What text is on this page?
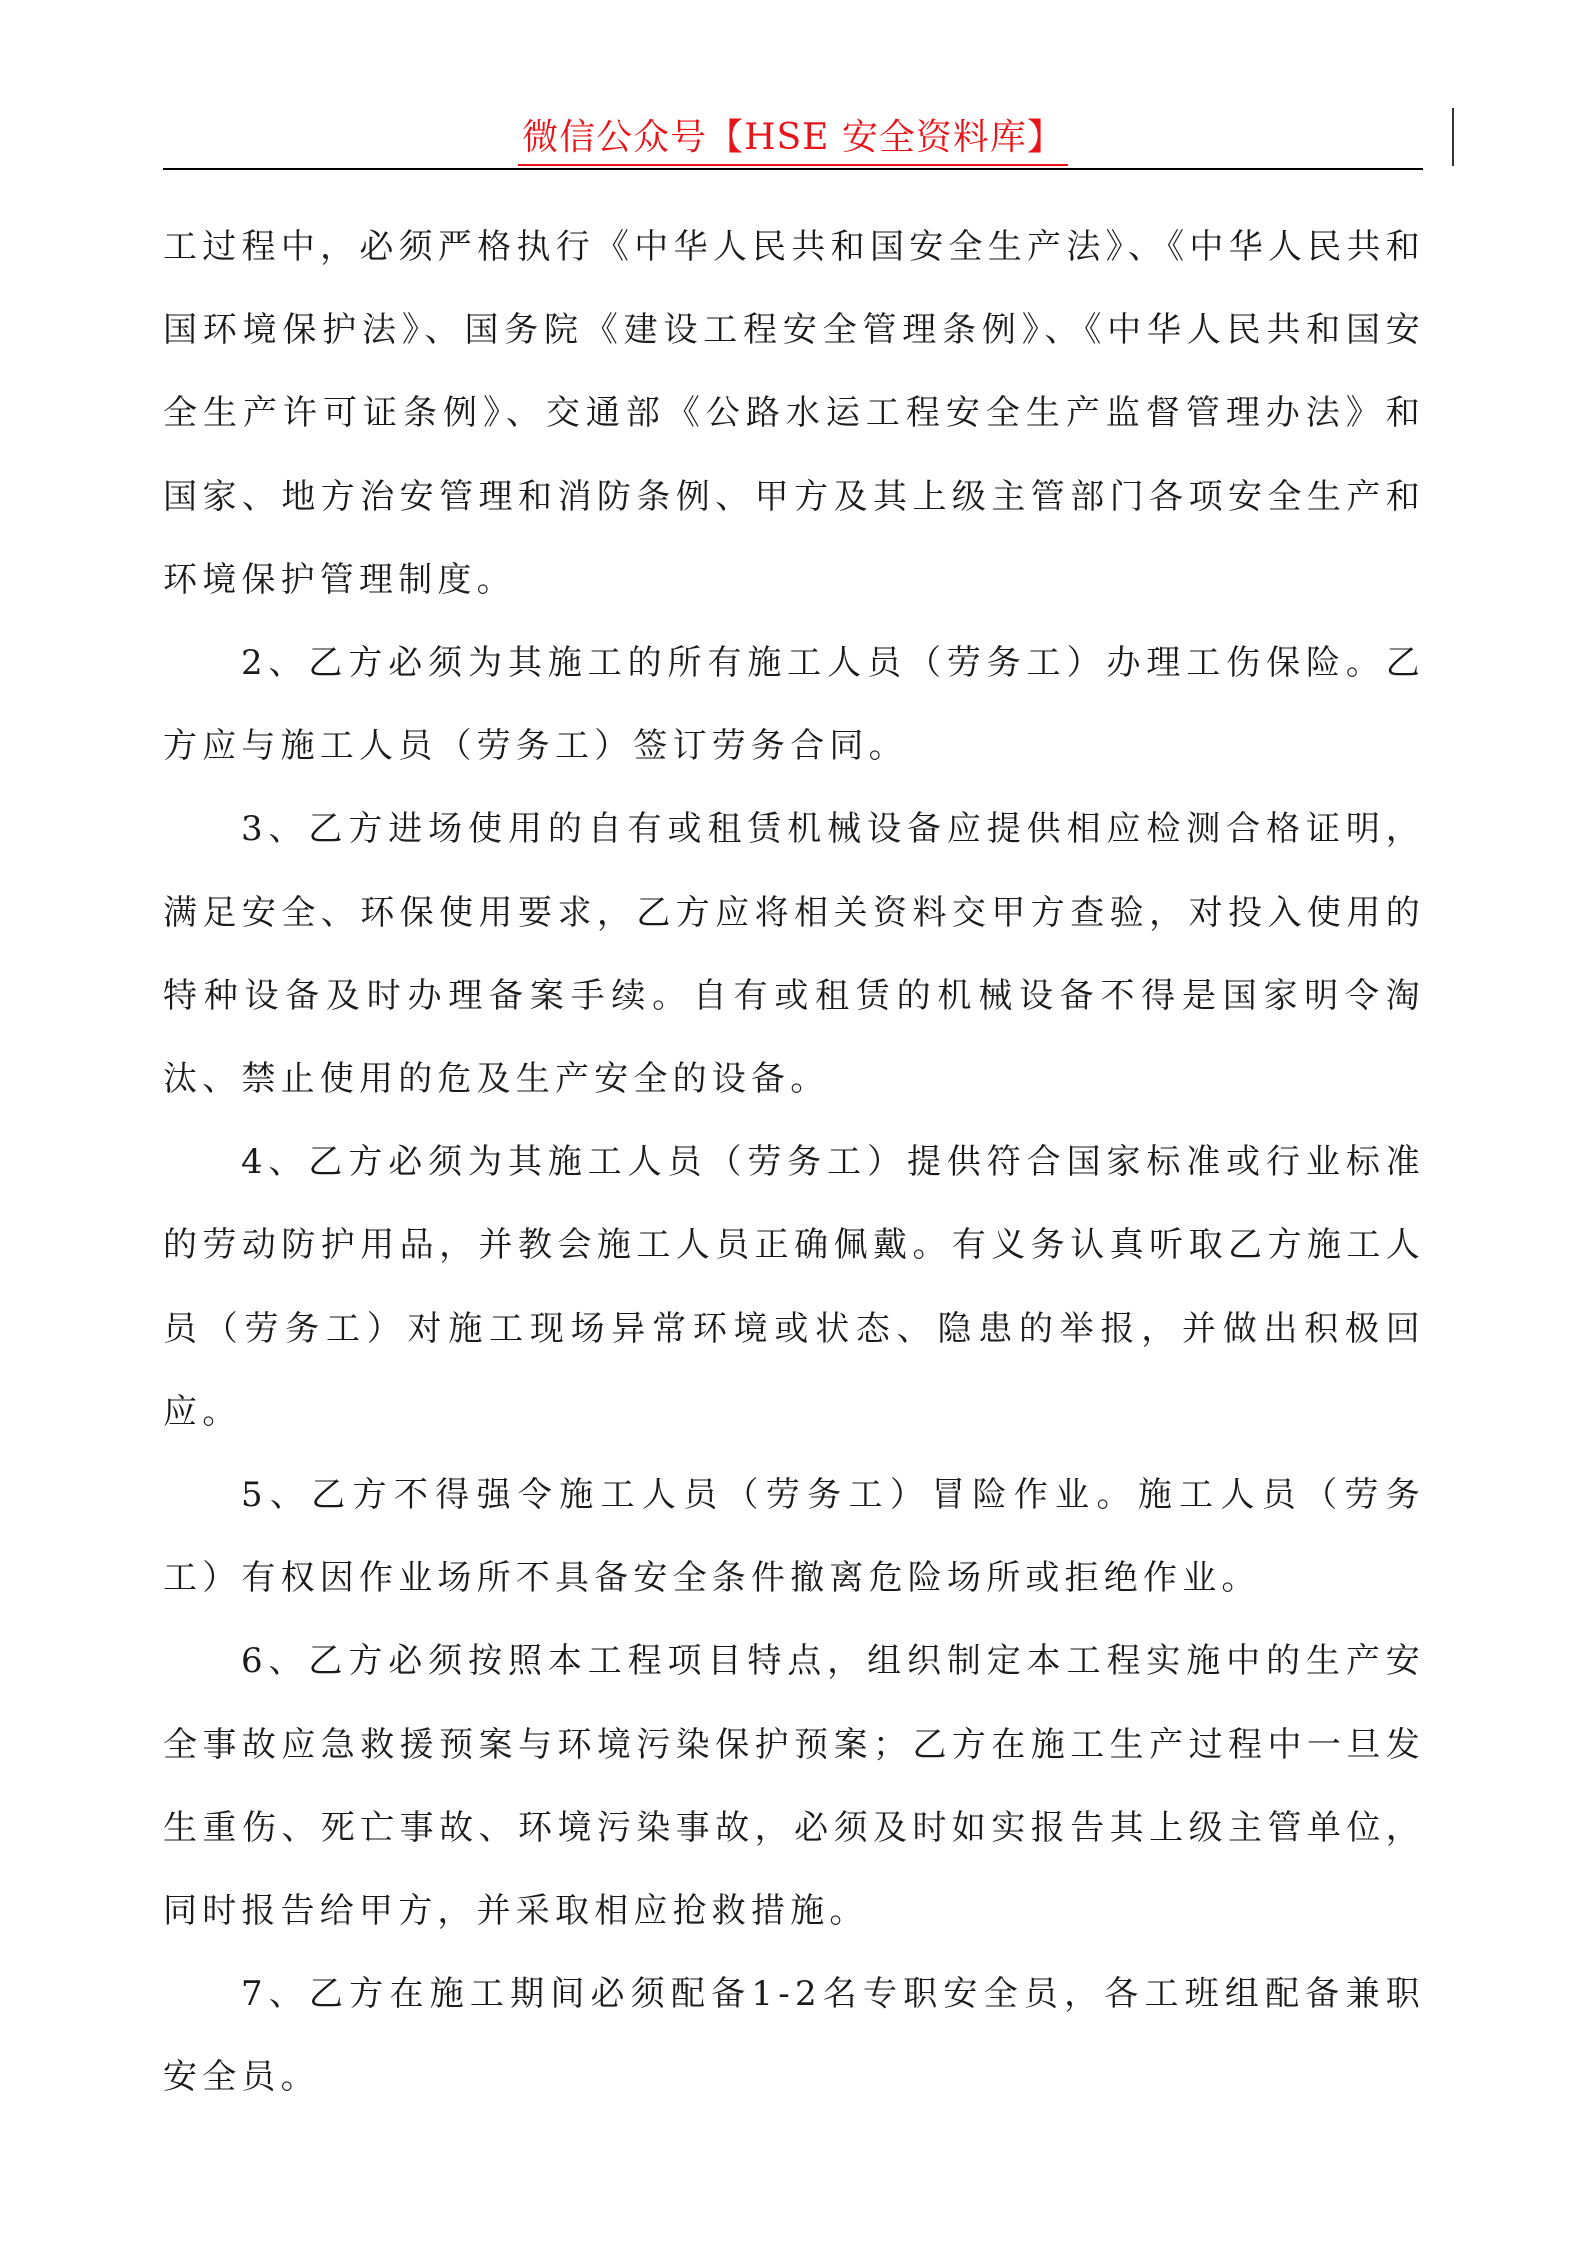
微信公众号【HSE 安全资料库】

工过程中，必须严格执行《中华人民共和国安全生产法》、《中华人民共和国环境保护法》、国务院《建设工程安全管理条例》、《中华人民共和国安全生产许可证条例》、交通部《公路水运工程安全生产监督管理办法》和国家、地方治安管理和消防条例、甲方及其上级主管部门各项安全生产和环境保护管理制度。

2、乙方必须为其施工的所有施工人员（劳务工）办理工伤保险。乙方应与施工人员（劳务工）签订劳务合同。

3、乙方进场使用的自有或租赁机械设备应提供相应检测合格证明，满足安全、环保使用要求，乙方应将相关资料交甲方查验，对投入使用的特种设备及时办理备案手续。自有或租赁的机械设备不得是国家明令淘汰、禁止使用的危及生产安全的设备。

4、乙方必须为其施工人员（劳务工）提供符合国家标准或行业标准的劳动防护用品，并教会施工人员正确佩戴。有义务认真听取乙方施工人员（劳务工）对施工现场异常环境或状态、隐患的举报，并做出积极回应。

5、乙方不得强令施工人员（劳务工）冒险作业。施工人员（劳务工）有权因作业场所不具备安全条件撤离危险场所或拒绝作业。

6、乙方必须按照本工程项目特点，组织制定本工程实施中的生产安全事故应急救援预案与环境污染保护预案；乙方在施工生产过程中一旦发生重伤、死亡事故、环境污染事故，必须及时如实报告其上级主管单位，同时报告给甲方，并采取相应抢救措施。

7、乙方在施工期间必须配备1-2名专职安全员，各工班组配备兼职安全员。
